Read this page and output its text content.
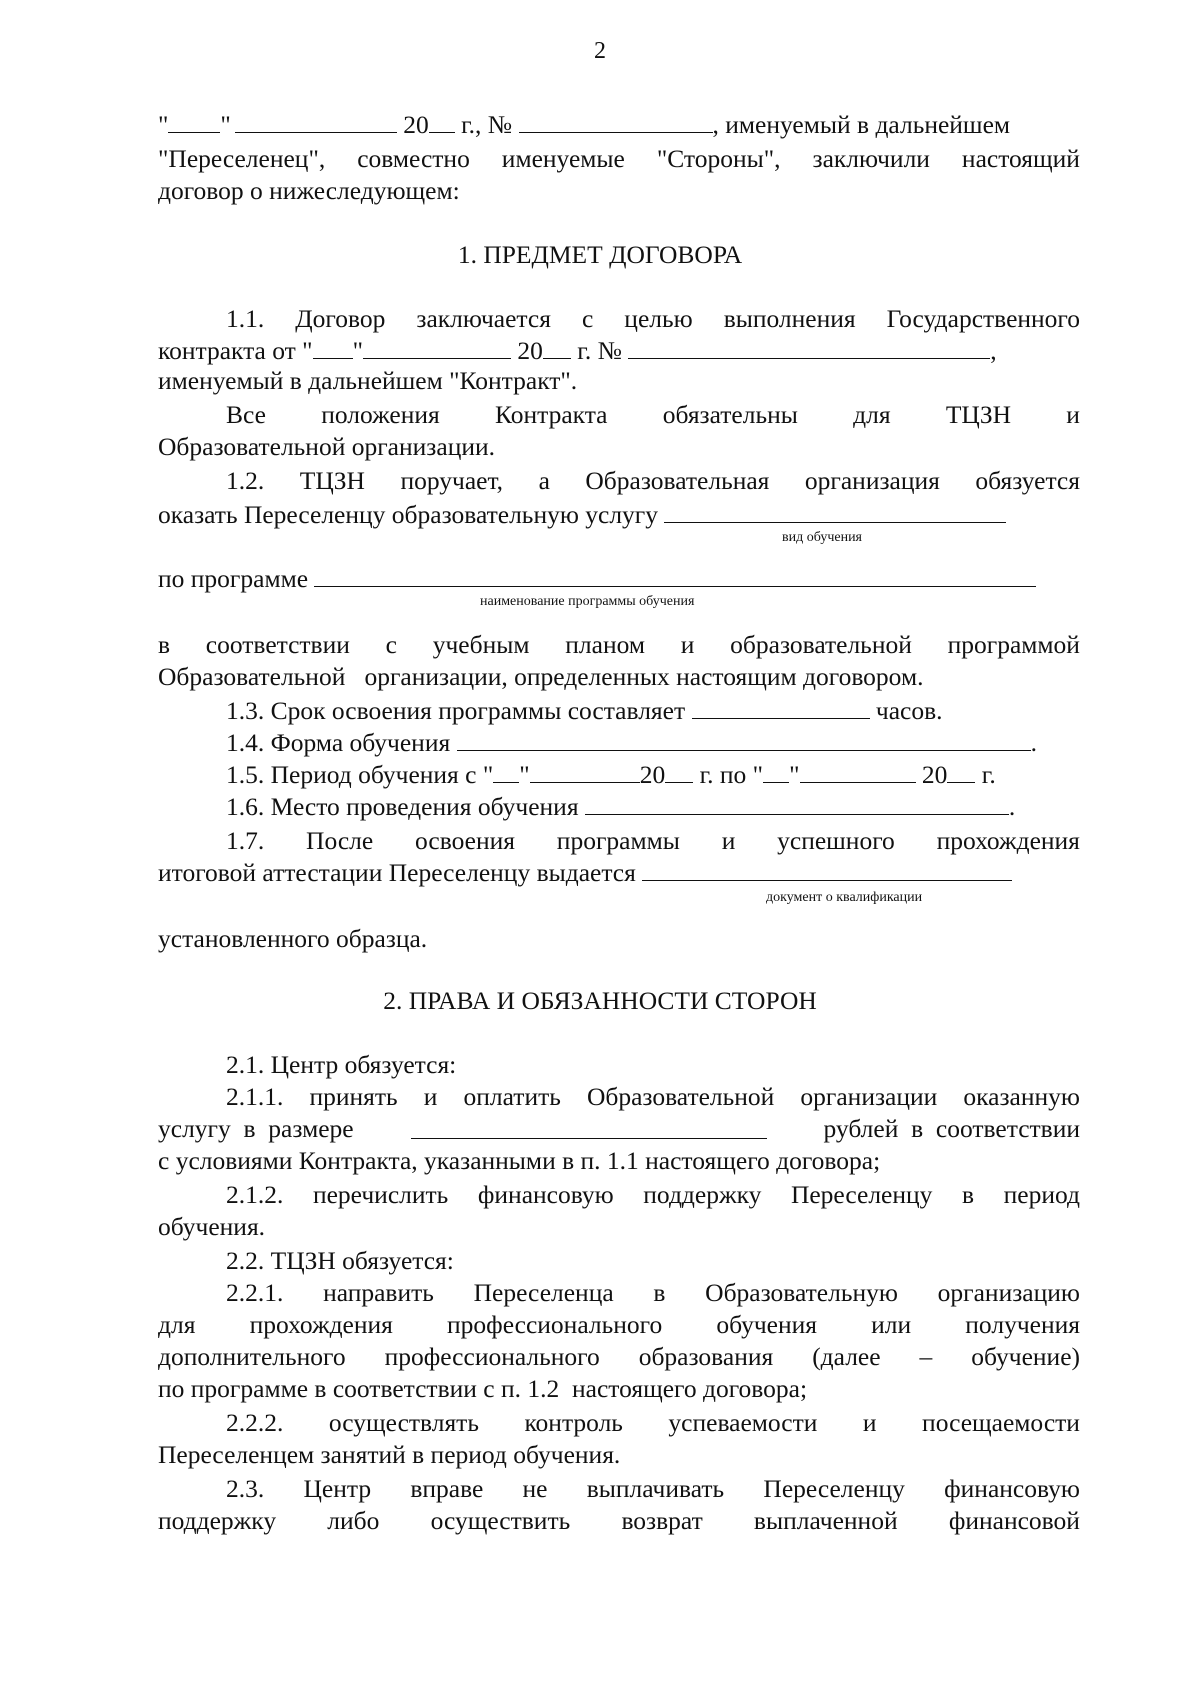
2
" "	20 г., №	, именуемый в дальнейшем
"Переселенец", совместно именуемые "Стороны", заключили настоящий
договор о нижеследующем:
1. ПРЕДМЕТ ДОГОВОРА
1.1. Договор заключается с целью выполнения Государственного
контракта от " "	20 г. №	,
именуемый в дальнейшем "Контракт".
Все положения Контракта обязательны для ТЦЗН и
Образовательной организации.
1.2. ТЦЗН поручает, а Образовательная организация обязуется
оказать Переселенцу образовательную услугу
вид обучения
по программе
наименование программы обучения
в соответствии с учебным планом и образовательной программой
Образовательной   организации, определенных настоящим договором.
1.3. Срок освоения программы составляет	часов.
1.4. Форма обучения	.
1.5. Период обучения с " "	20 г. по " "	20 г.
1.6. Место проведения обучения	.
1.7. После освоения программы и успешного прохождения
итоговой аттестации Переселенцу выдается
документ о квалификации
установленного образца.
2. ПРАВА И ОБЯЗАННОСТИ СТОРОН
2.1. Центр обязуется:
2.1.1. принять и оплатить Образовательной организации оказанную
услугу  в  размере	рублей  в  соответствии
с условиями Контракта, указанными в п. 1.1 настоящего договора;
2.1.2. перечислить финансовую поддержку Переселенцу в период
обучения.
2.2. ТЦЗН обязуется:
2.2.1. направить Переселенца в Образовательную организацию
для прохождения профессионального обучения или получения
дополнительного профессионального образования (далее – обучение)
по программе в соответствии с п. 1.2  настоящего договора;
2.2.2. осуществлять контроль успеваемости и посещаемости
Переселенцем занятий в период обучения.
2.3. Центр вправе не выплачивать Переселенцу финансовую
поддержку либо осуществить возврат выплаченной финансовой
